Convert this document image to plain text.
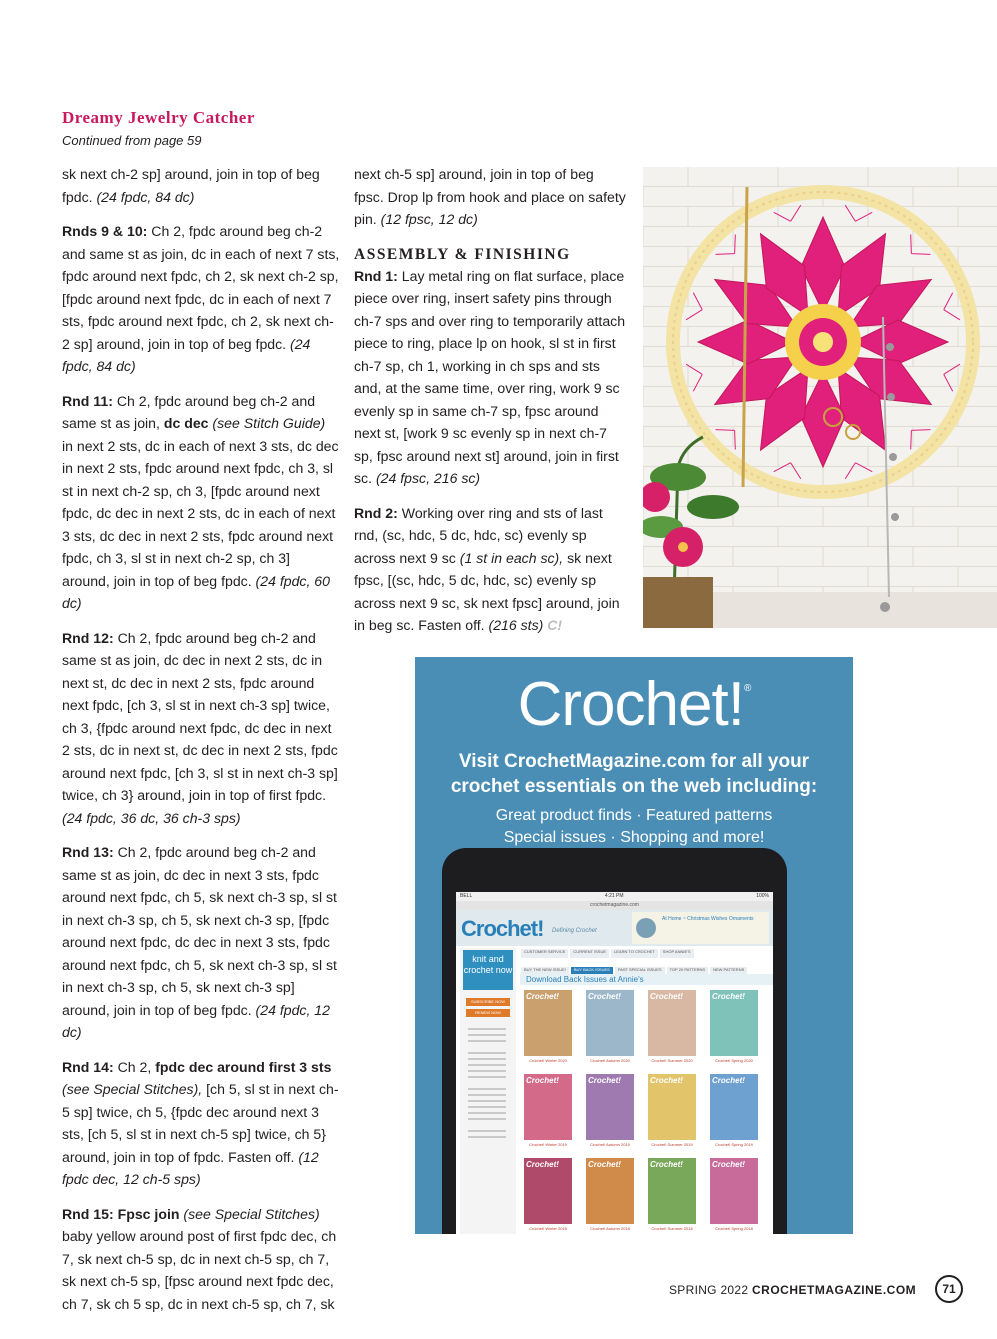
Dreamy Jewelry Catcher
Continued from page 59

sk next ch-2 sp] around, join in top of beg fpdc. (24 fpdc, 84 dc)

Rnds 9 & 10: Ch 2, fpdc around beg ch-2 and same st as join, dc in each of next 7 sts, fpdc around next fpdc, ch 2, sk next ch-2 sp, [fpdc around next fpdc, dc in each of next 7 sts, fpdc around next fpdc, ch 2, sk next ch-2 sp] around, join in top of beg fpdc. (24 fpdc, 84 dc)

Rnd 11: Ch 2, fpdc around beg ch-2 and same st as join, dc dec (see Stitch Guide) in next 2 sts, dc in each of next 3 sts, dc dec in next 2 sts, fpdc around next fpdc, ch 3, sl st in next ch-2 sp, ch 3, [fpdc around next fpdc, dc dec in next 2 sts, dc in each of next 3 sts, dc dec in next 2 sts, fpdc around next fpdc, ch 3, sl st in next ch-2 sp, ch 3] around, join in top of beg fpdc. (24 fpdc, 60 dc)

Rnd 12: Ch 2, fpdc around beg ch-2 and same st as join, dc dec in next 2 sts, dc in next st, dc dec in next 2 sts, fpdc around next fpdc, [ch 3, sl st in next ch-3 sp] twice, ch 3, {fpdc around next fpdc, dc dec in next 2 sts, dc in next st, dc dec in next 2 sts, fpdc around next fpdc, [ch 3, sl st in next ch-3 sp] twice, ch 3} around, join in top of first fpdc. (24 fpdc, 36 dc, 36 ch-3 sps)

Rnd 13: Ch 2, fpdc around beg ch-2 and same st as join, dc dec in next 3 sts, fpdc around next fpdc, ch 5, sk next ch-3 sp, sl st in next ch-3 sp, ch 5, sk next ch-3 sp, [fpdc around next fpdc, dc dec in next 3 sts, fpdc around next fpdc, ch 5, sk next ch-3 sp, sl st in next ch-3 sp, ch 5, sk next ch-3 sp] around, join in top of beg fpdc. (24 fpdc, 12 dc)

Rnd 14: Ch 2, fpdc dec around first 3 sts (see Special Stitches), [ch 5, sl st in next ch-5 sp] twice, ch 5, {fpdc dec around next 3 sts, [ch 5, sl st in next ch-5 sp] twice, ch 5} around, join in top of fpdc. Fasten off. (12 fpdc dec, 12 ch-5 sps)

Rnd 15: Fpsc join (see Special Stitches) baby yellow around post of first fpdc dec, ch 7, sk next ch-5 sp, dc in next ch-5 sp, ch 7, sk next ch-5 sp, [fpsc around next fpdc dec, ch 7, sk ch 5 sp, dc in next ch-5 sp, ch 7, sk

next ch-5 sp] around, join in top of beg fpsc. Drop lp from hook and place on safety pin. (12 fpsc, 12 dc)

ASSEMBLY & FINISHING

Rnd 1: Lay metal ring on flat surface, place piece over ring, insert safety pins through ch-7 sps and over ring to temporarily attach piece to ring, place lp on hook, sl st in first ch-7 sp, ch 1, working in ch sps and sts and, at the same time, over ring, work 9 sc evenly sp in same ch-7 sp, fpsc around next st, [work 9 sc evenly sp in next ch-7 sp, fpsc around next st] around, join in first sc. (24 fpsc, 216 sc)

Rnd 2: Working over ring and sts of last rnd, (sc, hdc, 5 dc, hdc, sc) evenly sp across next 9 sc (1 st in each sc), sk next fpsc, [(sc, hdc, 5 dc, hdc, sc) evenly sp across next 9 sc, sk next fpsc] around, join in beg sc. Fasten off. (216 sts) C!

Crochet!®
Visit CrochetMagazine.com for all your
crochet essentials on the web including:
Great product finds · Featured patterns
Special issues · Shopping and more!
BELL	4:21 PM	100%
crochetmagazine.com
Crochet! Defining Crochet
At Home ~ Christmas Wishes Ornaments
knit and crochet now
SUBSCRIBE NOW
RENEW NOW
CUSTOMER SERVICE CURRENT ISSUE LEARN TO CROCHET SHOP ANNIE'S
BUY THE NEW ISSUE! BUY BACK ISSUES PAST SPECIAL ISSUES TOP 20 PATTERNS NEW PATTERNS
Download Back Issues at Annie's
Crochet!
Crochet! Winter 2020
Crochet!
Crochet! Autumn 2020
Crochet!
Crochet! Summer 2020
Crochet!
Crochet! Spring 2020
Crochet!
Crochet! Winter 2019
Crochet!
Crochet! Autumn 2019
Crochet!
Crochet! Summer 2019
Crochet!
Crochet! Spring 2019
Crochet!
Crochet! Winter 2018
Crochet!
Crochet! Autumn 2018
Crochet!
Crochet! Summer 2018
Crochet!
Crochet! Spring 2018
SPRING 2022 CROCHETMAGAZINE.COM	71
